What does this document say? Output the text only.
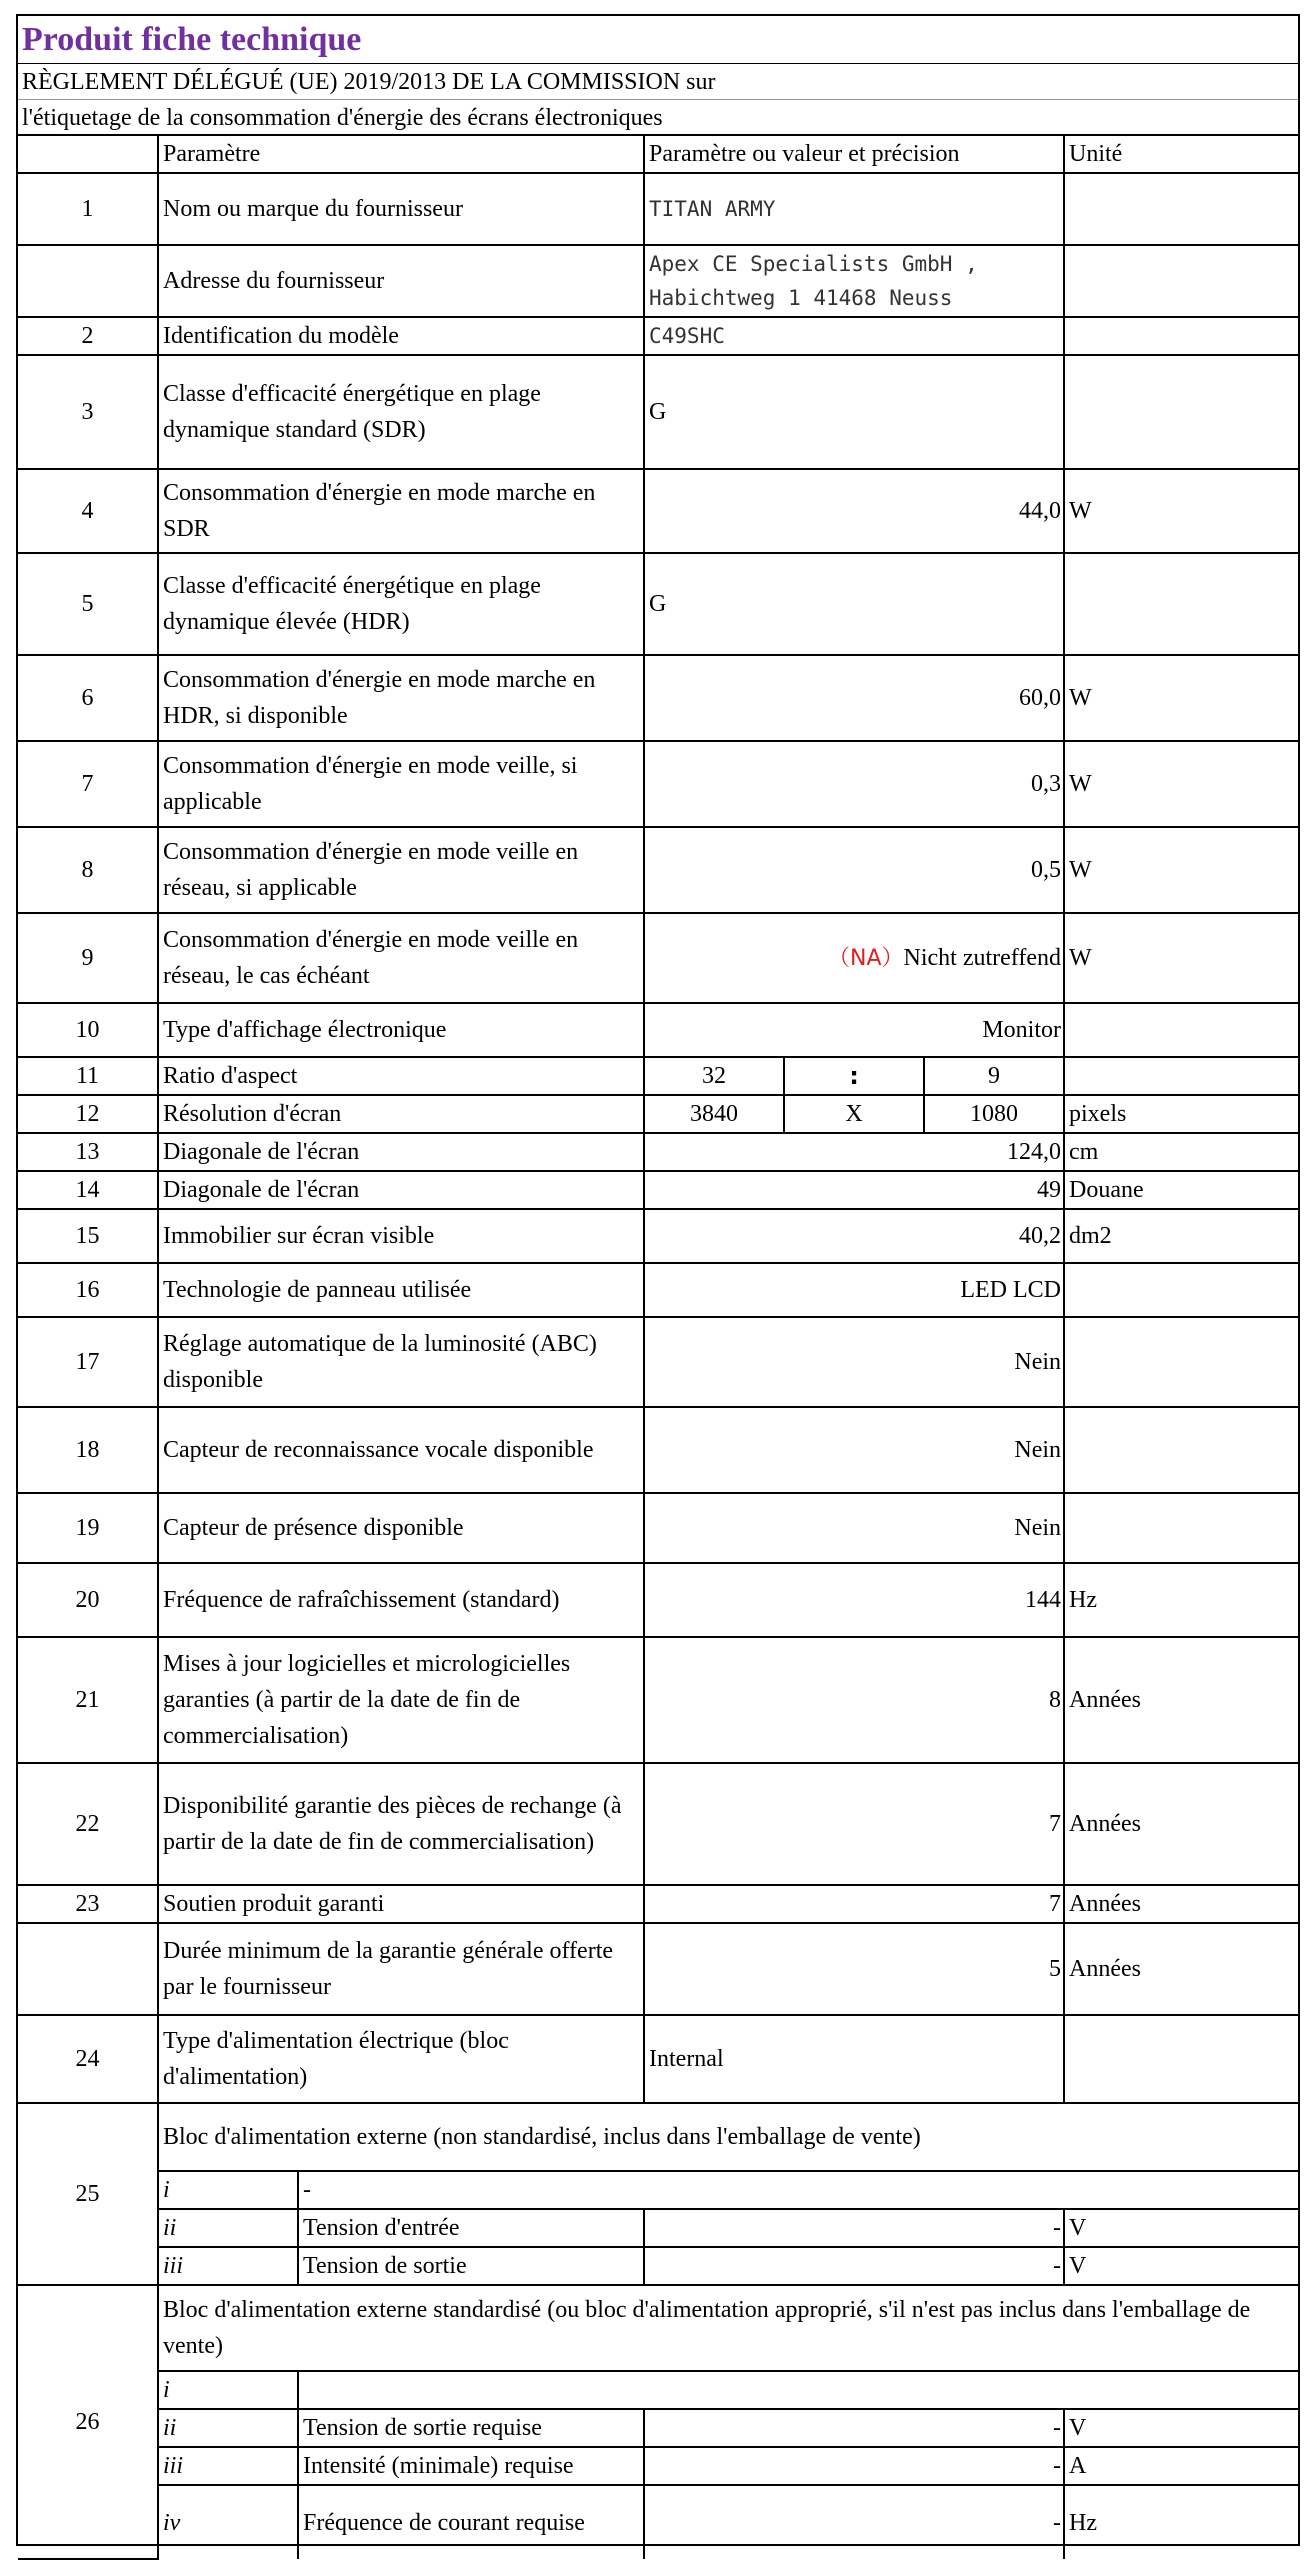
Produit fiche technique
RÈGLEMENT DÉLÉGUÉ (UE) 2019/2013 DE LA COMMISSION sur
l'étiquetage de la consommation d'énergie des écrans électroniques
	Paramètre		Paramètre ou valeur et précision			Unité
1	Nom ou marque du fournisseur		TITAN ARMY			
	Adresse du fournisseur		Apex CE Specialists GmbH ,
Habichtweg 1 41468 Neuss			
2	Identification du modèle		C49SHC			
3	Classe d'efficacité énergétique en plage dynamique standard (SDR)		G			
4	Consommation d'énergie en mode marche en SDR		44,0			W
5	Classe d'efficacité énergétique en plage dynamique élevée (HDR)		G			
6	Consommation d'énergie en mode marche en HDR, si disponible		60,0			W
7	Consommation d'énergie en mode veille, si applicable		0,3			W
8	Consommation d'énergie en mode veille en réseau, si applicable		0,5			W
9	Consommation d'énergie en mode veille en réseau, le cas échéant		（NA）Nicht zutreffend			W
10	Type d'affichage électronique		Monitor			
11	Ratio d'aspect		32	:	9	
12	Résolution d'écran		3840	X	1080	pixels
13	Diagonale de l'écran		124,0			cm
14	Diagonale de l'écran		49			Douane
15	Immobilier sur écran visible		40,2			dm2
16	Technologie de panneau utilisée		LED LCD			
17	Réglage automatique de la luminosité (ABC) disponible		Nein			
18	Capteur de reconnaissance vocale disponible		Nein			
19	Capteur de présence disponible		Nein			
20	Fréquence de rafraîchissement (standard)		144			Hz
21	Mises à jour logicielles et micrologicielles garanties (à partir de la date de fin de commercialisation)		8			Années
22	Disponibilité garantie des pièces de rechange (à partir de la date de fin de commercialisation)		7			Années
23	Soutien produit garanti		7			Années
	Durée minimum de la garantie générale offerte par le fournisseur		5			Années
24	Type d'alimentation électrique (bloc d'alimentation)		Internal			
25	Bloc d'alimentation externe (non standardisé, inclus dans l'emballage de vente)					
	i	-				
	ii	Tension d'entrée	-			V
	iii	Tension de sortie	-			V
26	Bloc d'alimentation externe standardisé (ou bloc d'alimentation approprié, s'il n'est pas inclus dans l'emballage de vente)					
	i					
	ii	Tension de sortie requise	-			V
	iii	Intensité (minimale) requise	-			A
	iv	Fréquence de courant requise	-			Hz
